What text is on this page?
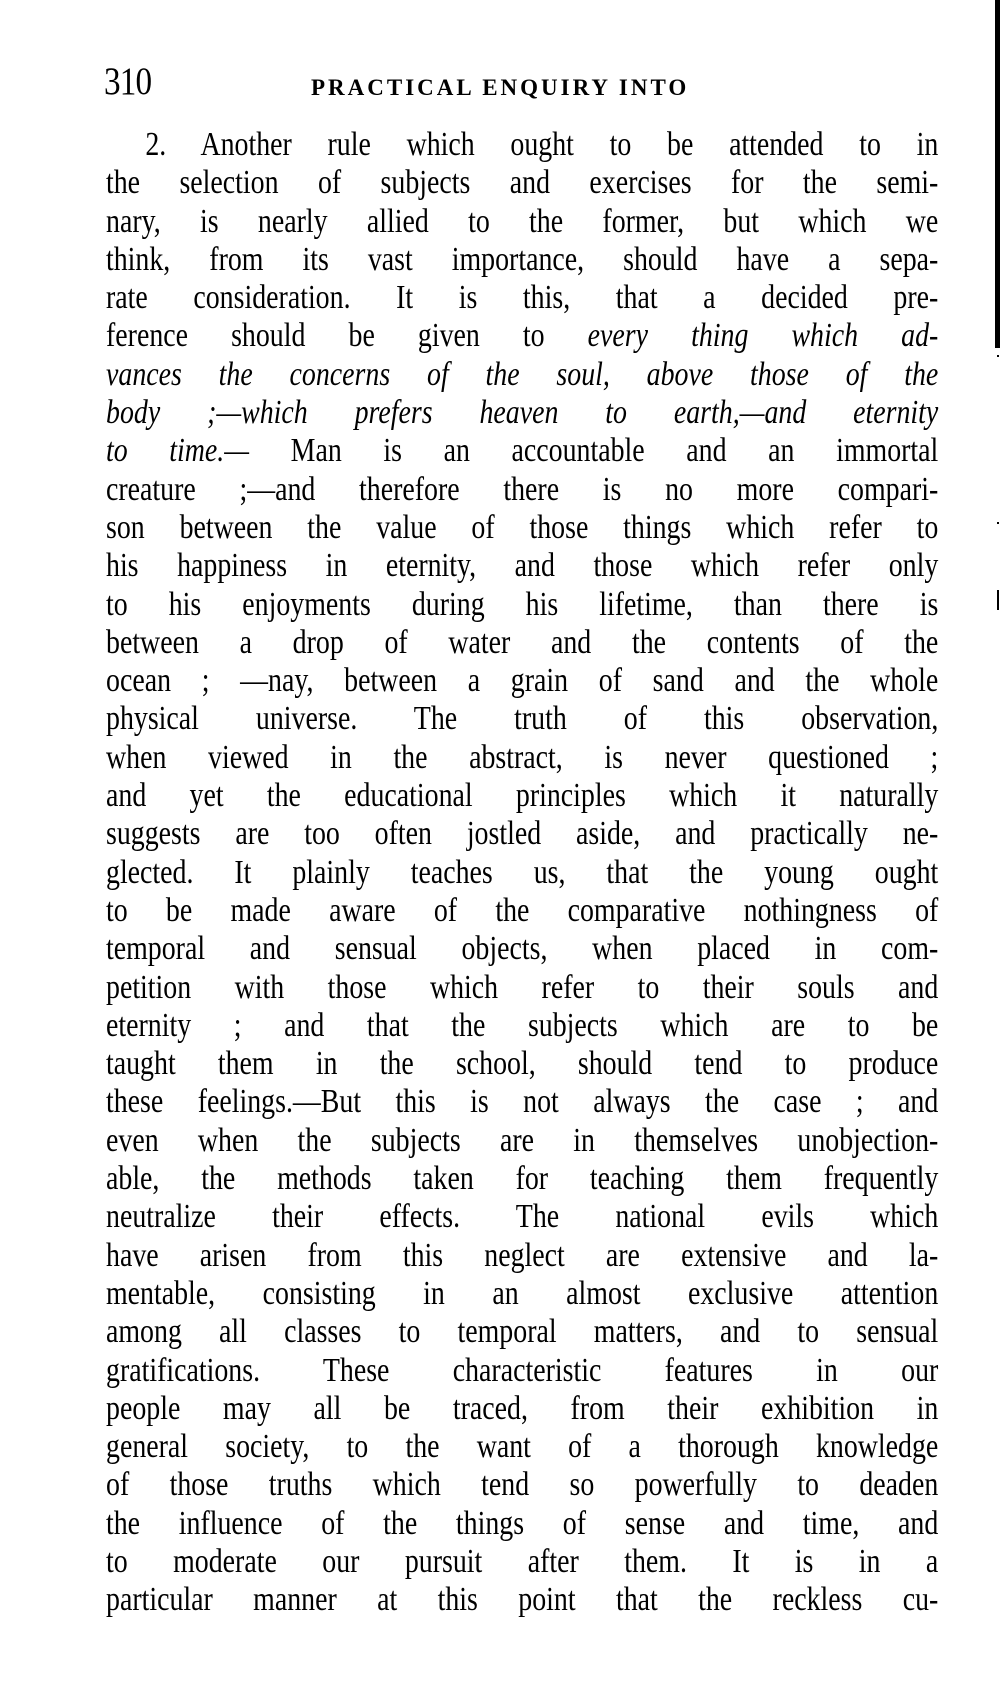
310	PRACTICAL ENQUIRY INTO
2. Another rule which ought to be attended to in
the selection of subjects and exercises for the semi-
nary, is nearly allied to the former, but which we
think, from its vast importance, should have a sepa-
rate consideration. It is this, that a decided pre-
ference should be given to every thing which ad-
vances the concerns of the soul, above those of the
body ;—which prefers heaven to earth,—and eternity
to time.— Man is an accountable and an immortal
creature ;—and therefore there is no more compari-
son between the value of those things which refer to
his happiness in eternity, and those which refer only
to his enjoyments during his lifetime, than there is
between a drop of water and the contents of the
ocean ; —nay, between a grain of sand and the whole
physical universe. The truth of this observation,
when viewed in the abstract, is never questioned ;
and yet the educational principles which it naturally
suggests are too often jostled aside, and practically ne-
glected. It plainly teaches us, that the young ought
to be made aware of the comparative nothingness of
temporal and sensual objects, when placed in com-
petition with those which refer to their souls and
eternity ; and that the subjects which are to be
taught them in the school, should tend to produce
these feelings.—But this is not always the case ; and
even when the subjects are in themselves unobjection-
able, the methods taken for teaching them frequently
neutralize their effects. The national evils which
have arisen from this neglect are extensive and la-
mentable, consisting in an almost exclusive attention
among all classes to temporal matters, and to sensual
gratifications. These characteristic features in our
people may all be traced, from their exhibition in
general society, to the want of a thorough knowledge
of those truths which tend so powerfully to deaden
the influence of the things of sense and time, and
to moderate our pursuit after them. It is in a
particular manner at this point that the reckless cu-
